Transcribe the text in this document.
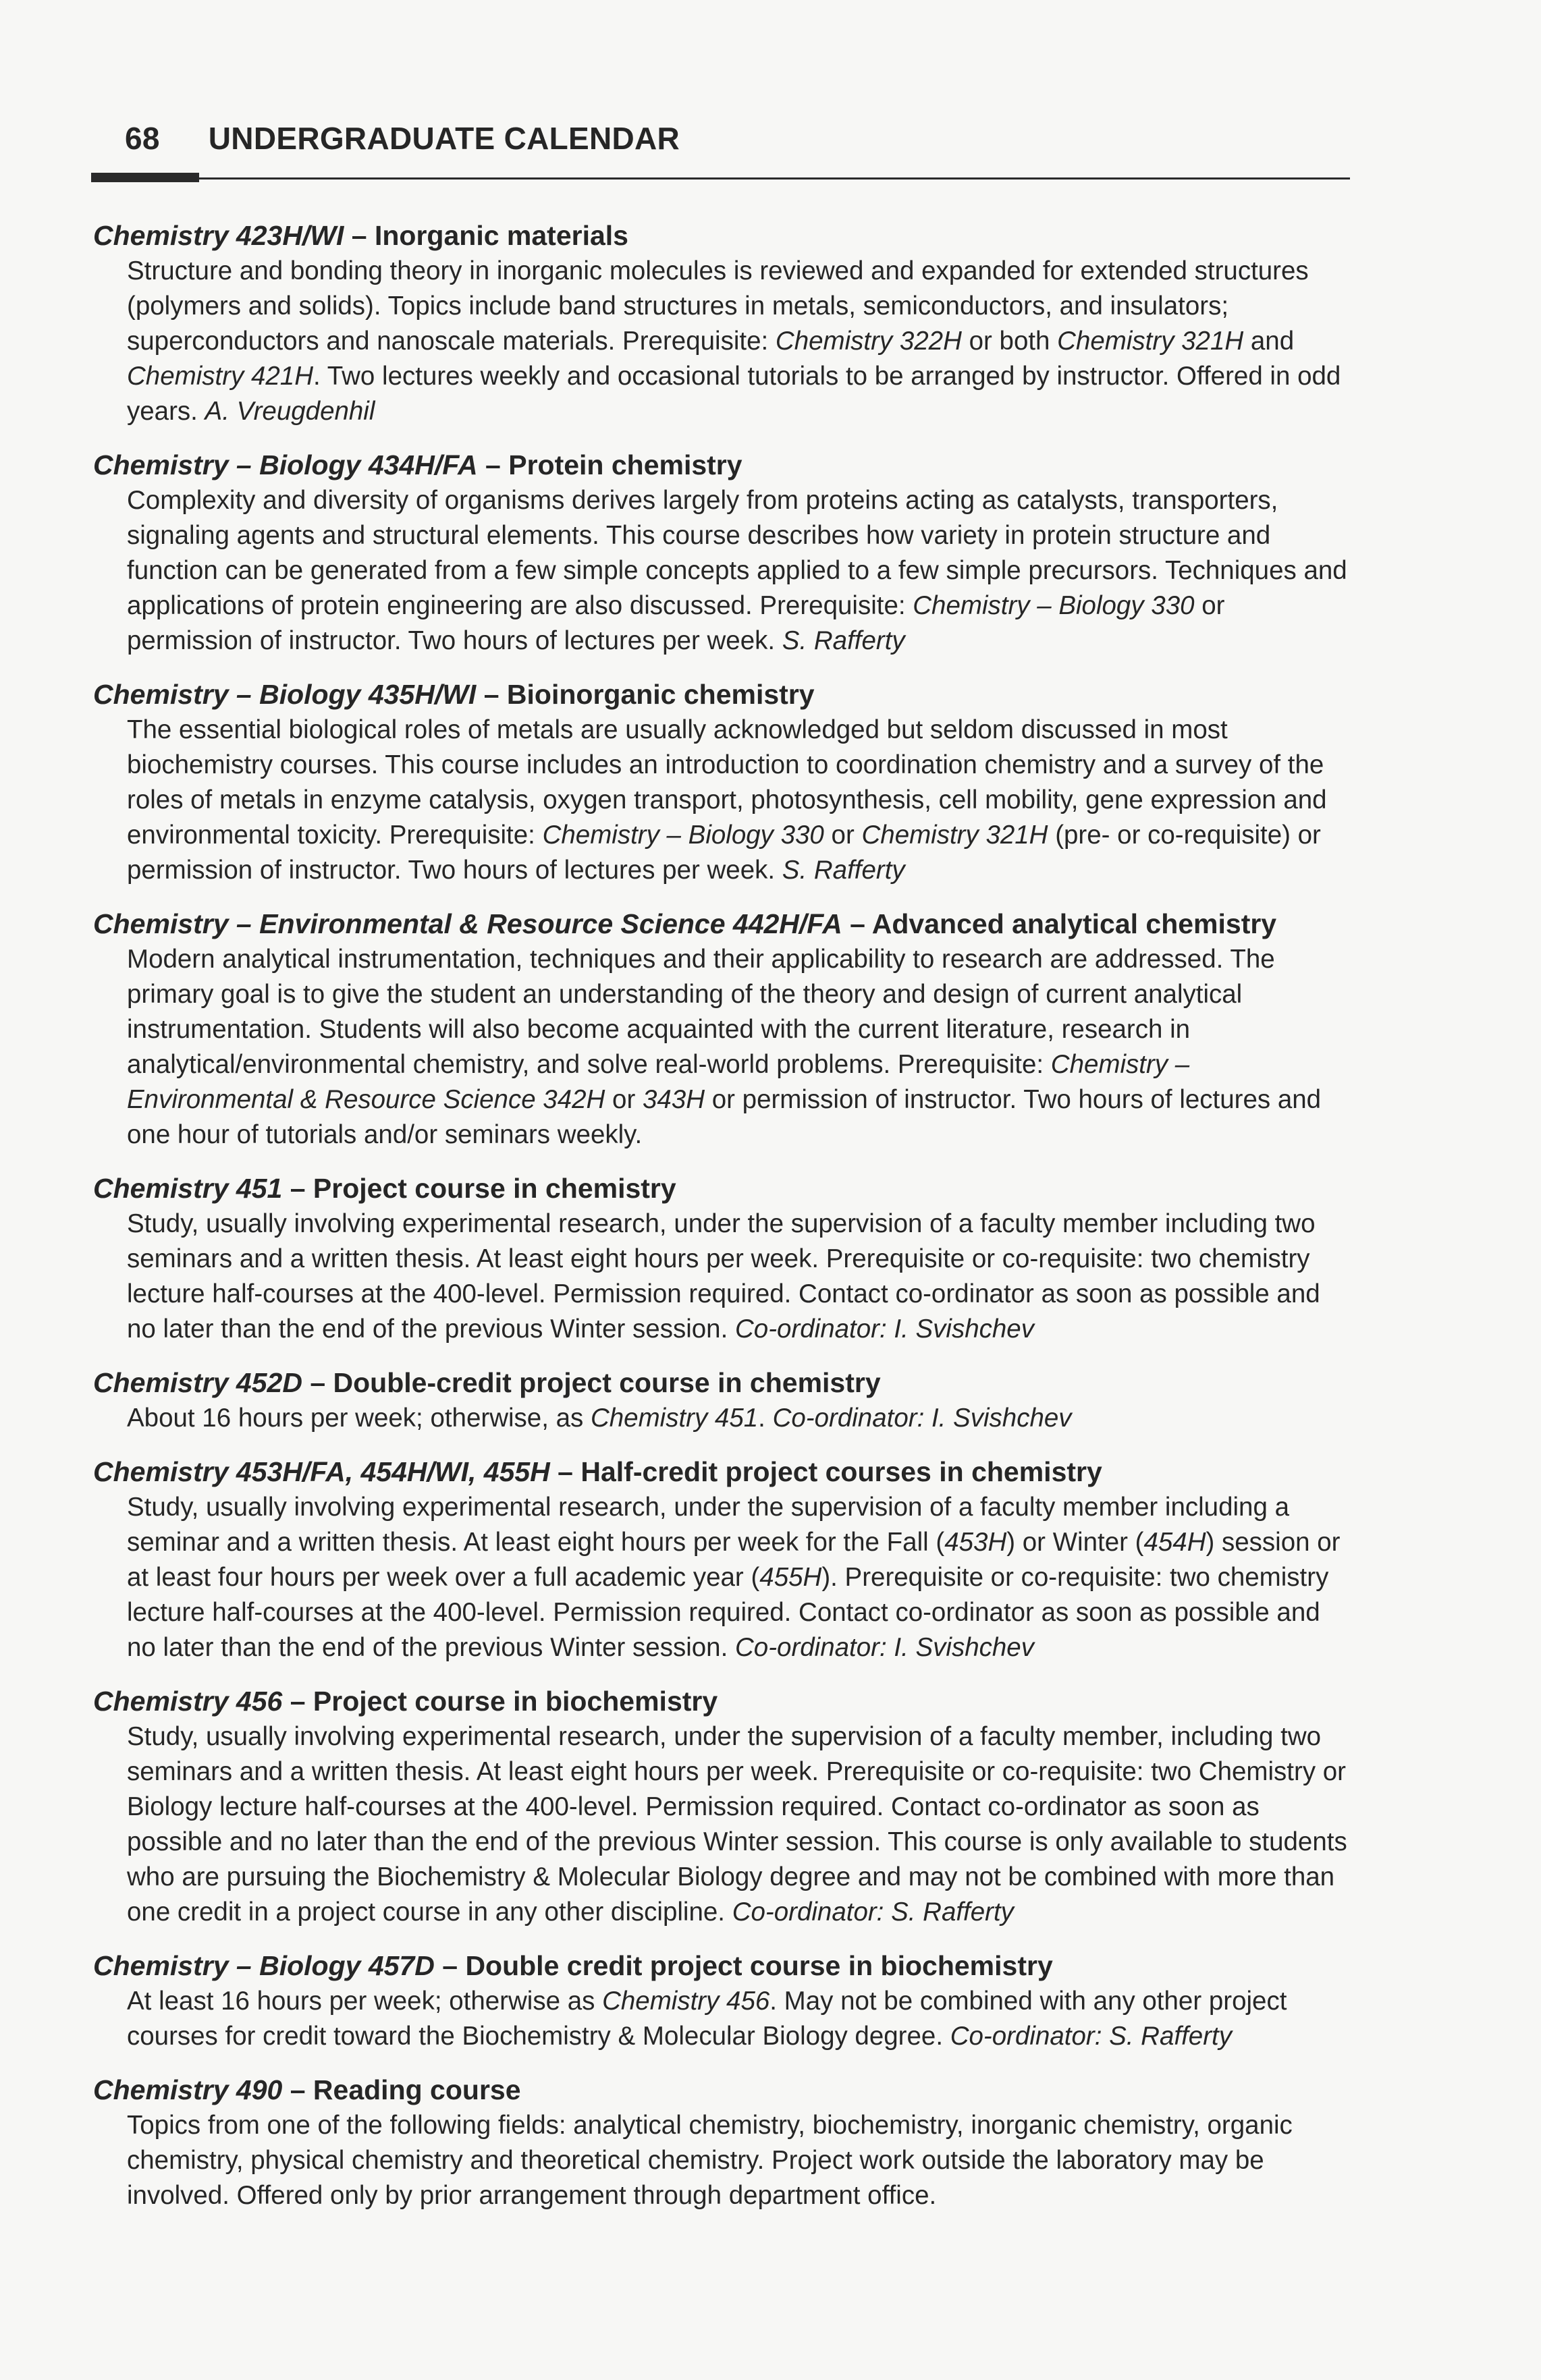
68 UNDERGRADUATE CALENDAR
Chemistry 423H/WI – Inorganic materials
Structure and bonding theory in inorganic molecules is reviewed and expanded for extended structures (polymers and solids). Topics include band structures in metals, semiconductors, and insulators; superconductors and nanoscale materials. Prerequisite: Chemistry 322H or both Chemistry 321H and Chemistry 421H. Two lectures weekly and occasional tutorials to be arranged by instructor. Offered in odd years. A. Vreugdenhil
Chemistry – Biology 434H/FA – Protein chemistry
Complexity and diversity of organisms derives largely from proteins acting as catalysts, transporters, signaling agents and structural elements. This course describes how variety in protein structure and function can be generated from a few simple concepts applied to a few simple precursors. Techniques and applications of protein engineering are also discussed. Prerequisite: Chemistry – Biology 330 or permission of instructor. Two hours of lectures per week. S. Rafferty
Chemistry – Biology 435H/WI – Bioinorganic chemistry
The essential biological roles of metals are usually acknowledged but seldom discussed in most biochemistry courses. This course includes an introduction to coordination chemistry and a survey of the roles of metals in enzyme catalysis, oxygen transport, photosynthesis, cell mobility, gene expression and environmental toxicity. Prerequisite: Chemistry – Biology 330 or Chemistry 321H (pre- or co-requisite) or permission of instructor. Two hours of lectures per week. S. Rafferty
Chemistry – Environmental & Resource Science 442H/FA – Advanced analytical chemistry
Modern analytical instrumentation, techniques and their applicability to research are addressed. The primary goal is to give the student an understanding of the theory and design of current analytical instrumentation. Students will also become acquainted with the current literature, research in analytical/environmental chemistry, and solve real-world problems. Prerequisite: Chemistry – Environmental & Resource Science 342H or 343H or permission of instructor. Two hours of lectures and one hour of tutorials and/or seminars weekly.
Chemistry 451 – Project course in chemistry
Study, usually involving experimental research, under the supervision of a faculty member including two seminars and a written thesis. At least eight hours per week. Prerequisite or co-requisite: two chemistry lecture half-courses at the 400-level. Permission required. Contact co-ordinator as soon as possible and no later than the end of the previous Winter session. Co-ordinator: I. Svishchev
Chemistry 452D – Double-credit project course in chemistry
About 16 hours per week; otherwise, as Chemistry 451. Co-ordinator: I. Svishchev
Chemistry 453H/FA, 454H/WI, 455H – Half-credit project courses in chemistry
Study, usually involving experimental research, under the supervision of a faculty member including a seminar and a written thesis. At least eight hours per week for the Fall (453H) or Winter (454H) session or at least four hours per week over a full academic year (455H). Prerequisite or co-requisite: two chemistry lecture half-courses at the 400-level. Permission required. Contact co-ordinator as soon as possible and no later than the end of the previous Winter session. Co-ordinator: I. Svishchev
Chemistry 456 – Project course in biochemistry
Study, usually involving experimental research, under the supervision of a faculty member, including two seminars and a written thesis. At least eight hours per week. Prerequisite or co-requisite: two Chemistry or Biology lecture half-courses at the 400-level. Permission required. Contact co-ordinator as soon as possible and no later than the end of the previous Winter session. This course is only available to students who are pursuing the Biochemistry & Molecular Biology degree and may not be combined with more than one credit in a project course in any other discipline. Co-ordinator: S. Rafferty
Chemistry – Biology 457D – Double credit project course in biochemistry
At least 16 hours per week; otherwise as Chemistry 456. May not be combined with any other project courses for credit toward the Biochemistry & Molecular Biology degree. Co-ordinator: S. Rafferty
Chemistry 490 – Reading course
Topics from one of the following fields: analytical chemistry, biochemistry, inorganic chemistry, organic chemistry, physical chemistry and theoretical chemistry. Project work outside the laboratory may be involved. Offered only by prior arrangement through department office.
